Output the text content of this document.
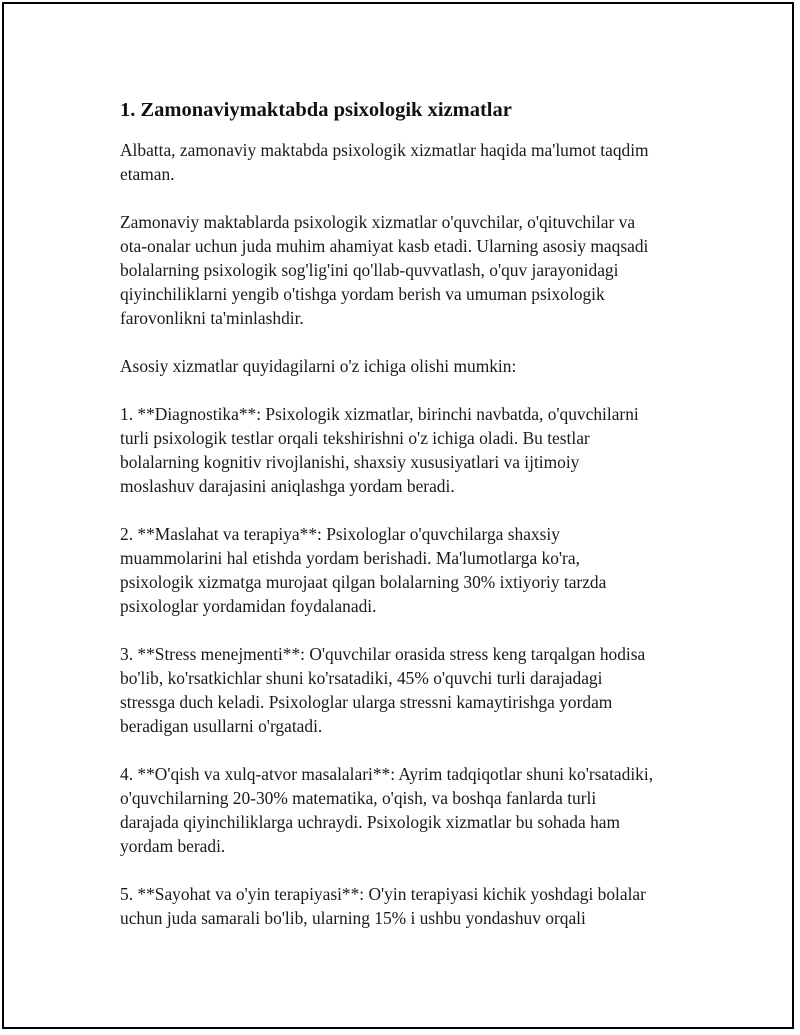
1. Zamonaviymaktabda psixologik xizmatlar

Albatta, zamonaviy maktabda psixologik xizmatlar haqida ma'lumot taqdim
etaman.

Zamonaviy maktablarda psixologik xizmatlar o'quvchilar, o'qituvchilar va
ota-onalar uchun juda muhim ahamiyat kasb etadi. Ularning asosiy maqsadi
bolalarning psixologik sog'lig'ini qo'llab-quvvatlash, o'quv jarayonidagi
qiyinchiliklarni yengib o'tishga yordam berish va umuman psixologik
farovonlikni ta'minlashdir.

Asosiy xizmatlar quyidagilarni o'z ichiga olishi mumkin:

1. **Diagnostika**: Psixologik xizmatlar, birinchi navbatda, o'quvchilarni
turli psixologik testlar orqali tekshirishni o'z ichiga oladi. Bu testlar
bolalarning kognitiv rivojlanishi, shaxsiy xususiyatlari va ijtimoiy
moslashuv darajasini aniqlashga yordam beradi.

2. **Maslahat va terapiya**: Psixologlar o'quvchilarga shaxsiy
muammolarini hal etishda yordam berishadi. Ma'lumotlarga ko'ra,
psixologik xizmatga murojaat qilgan bolalarning 30% ixtiyoriy tarzda
psixologlar yordamidan foydalanadi.

3. **Stress menejmenti**: O'quvchilar orasida stress keng tarqalgan hodisa
bo'lib, ko'rsatkichlar shuni ko'rsatadiki, 45% o'quvchi turli darajadagi
stressga duch keladi. Psixologlar ularga stressni kamaytirishga yordam
beradigan usullarni o'rgatadi.

4. **O'qish va xulq-atvor masalalari**: Ayrim tadqiqotlar shuni ko'rsatadiki,
o'quvchilarning 20-30% matematika, o'qish, va boshqa fanlarda turli
darajada qiyinchiliklarga uchraydi. Psixologik xizmatlar bu sohada ham
yordam beradi.

5. **Sayohat va o'yin terapiyasi**: O'yin terapiyasi kichik yoshdagi bolalar
uchun juda samarali bo'lib, ularning 15% i ushbu yondashuv orqali
